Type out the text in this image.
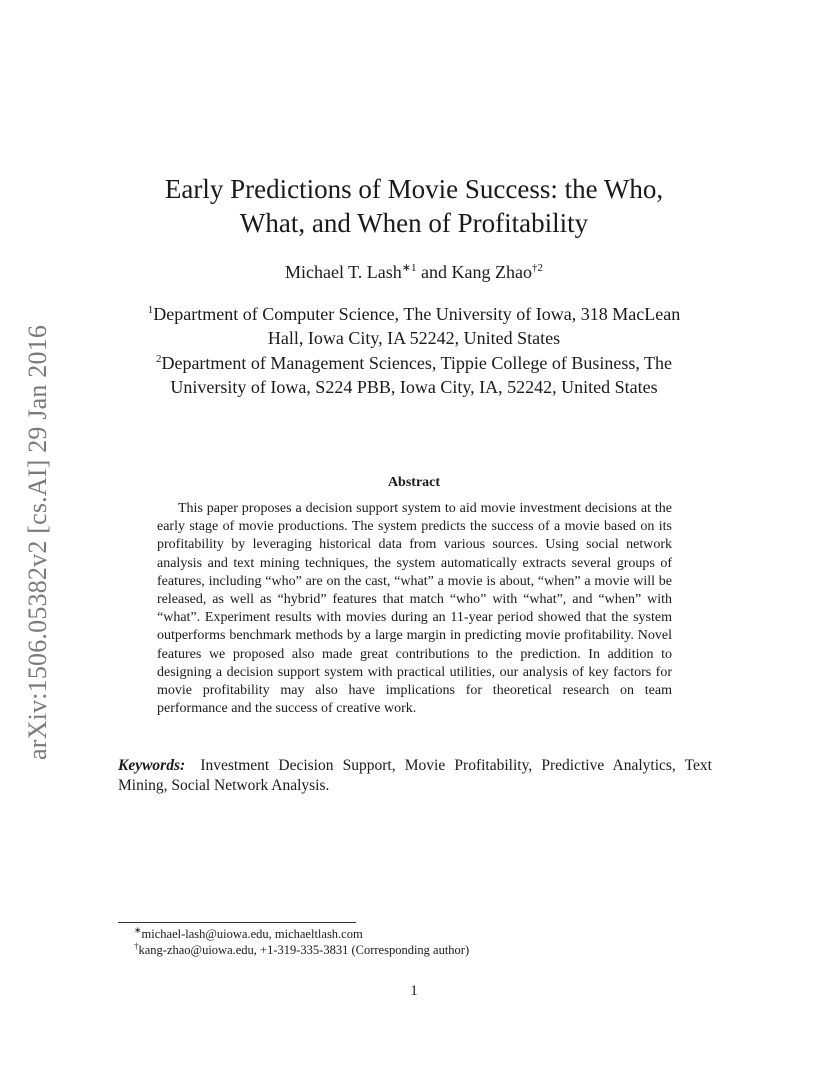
arXiv:1506.05382v2 [cs.AI] 29 Jan 2016
Early Predictions of Movie Success: the Who,
What, and When of Profitability
Michael T. Lash$^{∗1}$ and Kang Zhao$^{\dagger 2}$
$^1$Department of Computer Science, The University of Iowa, 318 MacLean
Hall, Iowa City, IA 52242, United States
$^2$Department of Management Sciences, Tippie College of Business, The
University of Iowa, S224 PBB, Iowa City, IA, 52242, United States
Abstract

This paper proposes a decision support system to aid movie investment decisions at the early stage of movie productions. The system predicts the success of a movie based on its profitability by leveraging historical data from various sources. Using social network analysis and text mining techniques, the system automatically extracts several groups of features, including “who” are on the cast, “what” a movie is about, “when” a movie will be released, as well as “hybrid” features that match “who” with “what”, and “when” with “what”. Experiment results with movies during an 11-year period showed that the system outperforms benchmark methods by a large margin in predicting movie profitability. Novel features we proposed also made great contributions to the prediction. In addition to designing a decision support system with practical utilities, our analysis of key factors for movie profitability may also have implications for theoretical research on team performance and the success of creative work.

Keywords: Investment Decision Support, Movie Profitability, Predictive Analytics, Text Mining, Social Network Analysis.

∗michael-lash@uiowa.edu, michaeltlash.com
†kang-zhao@uiowa.edu, +1-319-335-3831 (Corresponding author)
1
